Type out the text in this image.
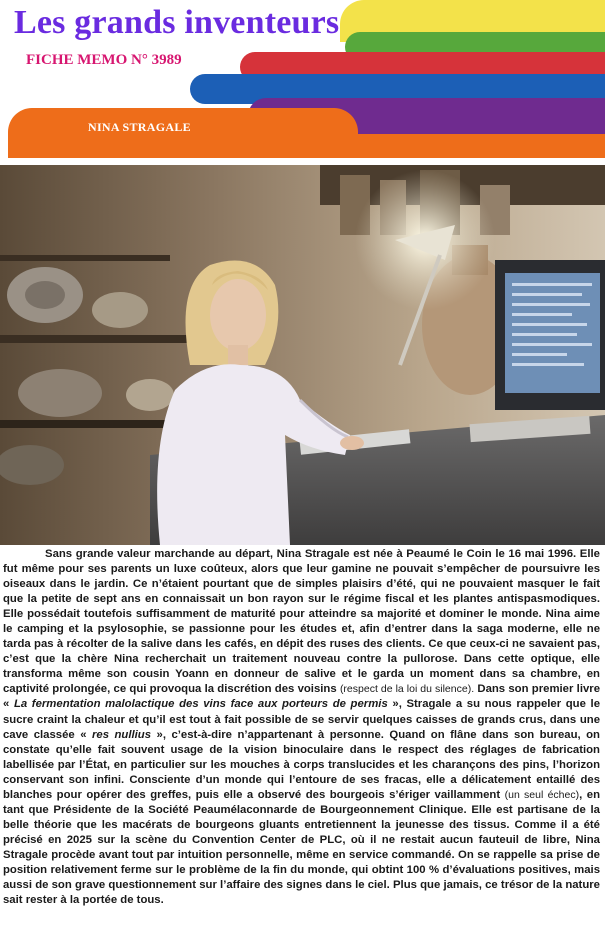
Les grands inventeurs
FICHE MEMO N° 3989
NINA STRAGALE
Sans grande valeur marchande au départ, Nina Stragale est née à Peaumé le Coin le 16 mai 1996. Elle fut même pour ses parents un luxe coûteux, alors que leur gamine ne pouvait s’empêcher de poursuivre les oiseaux dans le jardin. Ce n’étaient pourtant que de simples plaisirs d’été, qui ne pouvaient masquer le fait que la petite de sept ans en connaissait un bon rayon sur le régime fiscal et les plantes antispasmodiques. Elle possédait toutefois suffisamment de maturité pour atteindre sa majorité et dominer le monde. Nina aime le camping et la psylosophie, se passionne pour les études et, afin d’entrer dans la saga moderne, elle ne tarda pas à récolter de la salive dans les cafés, en dépit des ruses des clients. Ce que ceux-ci ne savaient pas, c’est que la chère Nina recherchait un traitement nouveau contre la pullorose. Dans cette optique, elle transforma même son cousin Yoann en donneur de salive et le garda un moment dans sa chambre, en captivité prolongée, ce qui provoqua la discrétion des voisins (respect de la loi du silence). Dans son premier livre « La fermentation malolactique des vins face aux porteurs de permis », Stragale a su nous rappeler que le sucre craint la chaleur et qu’il est tout à fait possible de se servir quelques caisses de grands crus, dans une cave classée « res nullius », c’est-à-dire n’appartenant à personne. Quand on flâne dans son bureau, on constate qu’elle fait souvent usage de la vision binoculaire dans le respect des réglages de fabrication labellisée par l’État, en particulier sur les mouches à corps translucides et les charançons des pins, l’horizon conservant son infini. Consciente d’un monde qui l’entoure de ses fracas, elle a délicatement entaillé des blanches pour opérer des greffes, puis elle a observé des bourgeois s’ériger vaillamment (un seul échec), en tant que Présidente de la Société Peaumélaconnarde de Bourgeonnement Clinique. Elle est partisane de la belle théorie que les macérats de bourgeons gluants entretiennent la jeunesse des tissus. Comme il a été précisé en 2025 sur la scène du Convention Center de PLC, où il ne restait aucun fauteuil de libre, Nina Stragale procède avant tout par intuition personnelle, même en service commandé. On se rappelle sa prise de position relativement ferme sur le problème de la fin du monde, qui obtint 100 % d’évaluations positives, mais aussi de son grave questionnement sur l’affaire des signes dans le ciel. Plus que jamais, ce trésor de la nature sait rester à la portée de tous.
